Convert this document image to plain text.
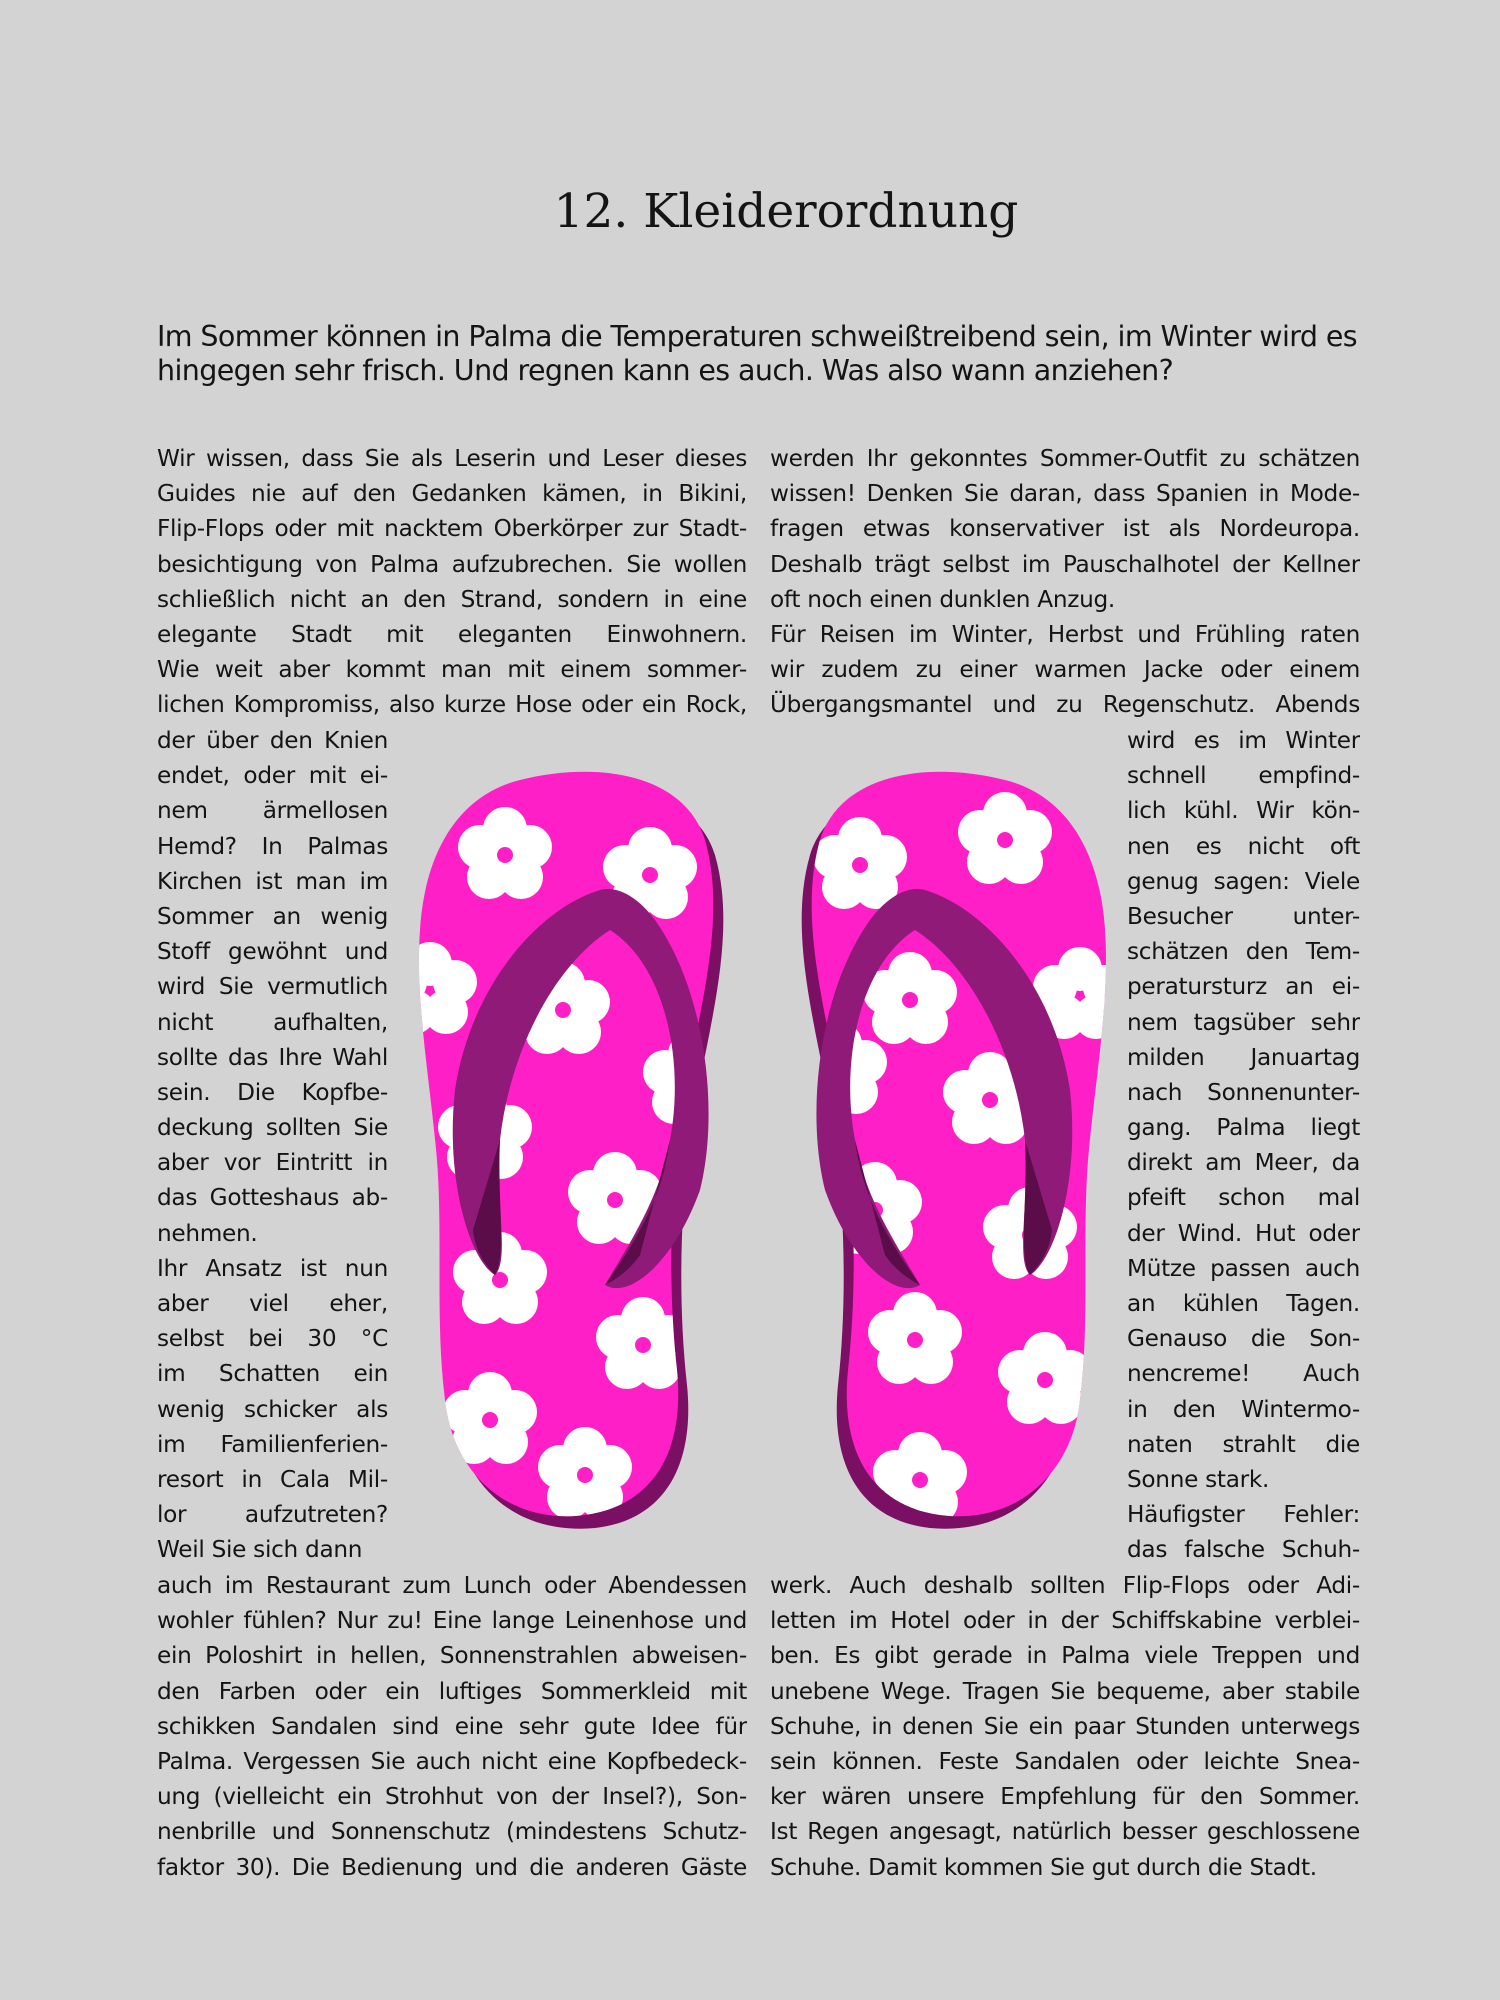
12. Kleiderordnung

Im Sommer können in Palma die Temperaturen schweißtreibend sein, im Winter wird es hingegen sehr frisch. Und regnen kann es auch. Was also wann anziehen?

Wir wissen, dass Sie als Leserin und Leser dieses
Guides nie auf den Gedanken kämen, in Bikini,
Flip-Flops oder mit nacktem Oberkörper zur Stadt-
besichtigung von Palma aufzubrechen. Sie wollen
schließlich nicht an den Strand, sondern in eine
elegante Stadt mit eleganten Einwohnern.
Wie weit aber kommt man mit einem sommer-
lichen Kompromiss, also kurze Hose oder ein Rock,
der über den Knien
endet, oder mit ei-
nem ärmellosen
Hemd? In Palmas
Kirchen ist man im
Sommer an wenig
Stoff gewöhnt und
wird Sie vermutlich
nicht aufhalten,
sollte das Ihre Wahl
sein. Die Kopfbe-
deckung sollten Sie
aber vor Eintritt in
das Gotteshaus ab-
nehmen.
Ihr Ansatz ist nun
aber viel eher,
selbst bei 30 °C
im Schatten ein
wenig schicker als
im Familienferien-
resort in Cala Mil-
lor aufzutreten?
Weil Sie sich dann
auch im Restaurant zum Lunch oder Abendessen
wohler fühlen? Nur zu! Eine lange Leinenhose und
ein Poloshirt in hellen, Sonnenstrahlen abweisen-
den Farben oder ein luftiges Sommerkleid mit
schikken Sandalen sind eine sehr gute Idee für
Palma. Vergessen Sie auch nicht eine Kopfbedeck-
ung (vielleicht ein Strohhut von der Insel?), Son-
nenbrille und Sonnenschutz (mindestens Schutz-
faktor 30). Die Bedienung und die anderen Gäste
werden Ihr gekonntes Sommer-Outfit zu schätzen
wissen! Denken Sie daran, dass Spanien in Mode-
fragen etwas konservativer ist als Nordeuropa.
Deshalb trägt selbst im Pauschalhotel der Kellner
oft noch einen dunklen Anzug.
Für Reisen im Winter, Herbst und Frühling raten
wir zudem zu einer warmen Jacke oder einem
Übergangsmantel und zu Regenschutz. Abends
wird es im Winter
schnell empfind-
lich kühl. Wir kön-
nen es nicht oft
genug sagen: Viele
Besucher unter-
schätzen den Tem-
peratursturz an ei-
nem tagsüber sehr
milden Januartag
nach Sonnenunter-
gang. Palma liegt
direkt am Meer, da
pfeift schon mal
der Wind. Hut oder
Mütze passen auch
an kühlen Tagen.
Genauso die Son-
nencreme! Auch
in den Wintermo-
naten strahlt die
Sonne stark.
Häufigster Fehler:
das falsche Schuh-
werk. Auch deshalb sollten Flip-Flops oder Adi-
letten im Hotel oder in der Schiffskabine verblei-
ben. Es gibt gerade in Palma viele Treppen und
unebene Wege. Tragen Sie bequeme, aber stabile
Schuhe, in denen Sie ein paar Stunden unterwegs
sein können. Feste Sandalen oder leichte Snea-
ker wären unsere Empfehlung für den Sommer.
Ist Regen angesagt, natürlich besser geschlossene
Schuhe. Damit kommen Sie gut durch die Stadt.
